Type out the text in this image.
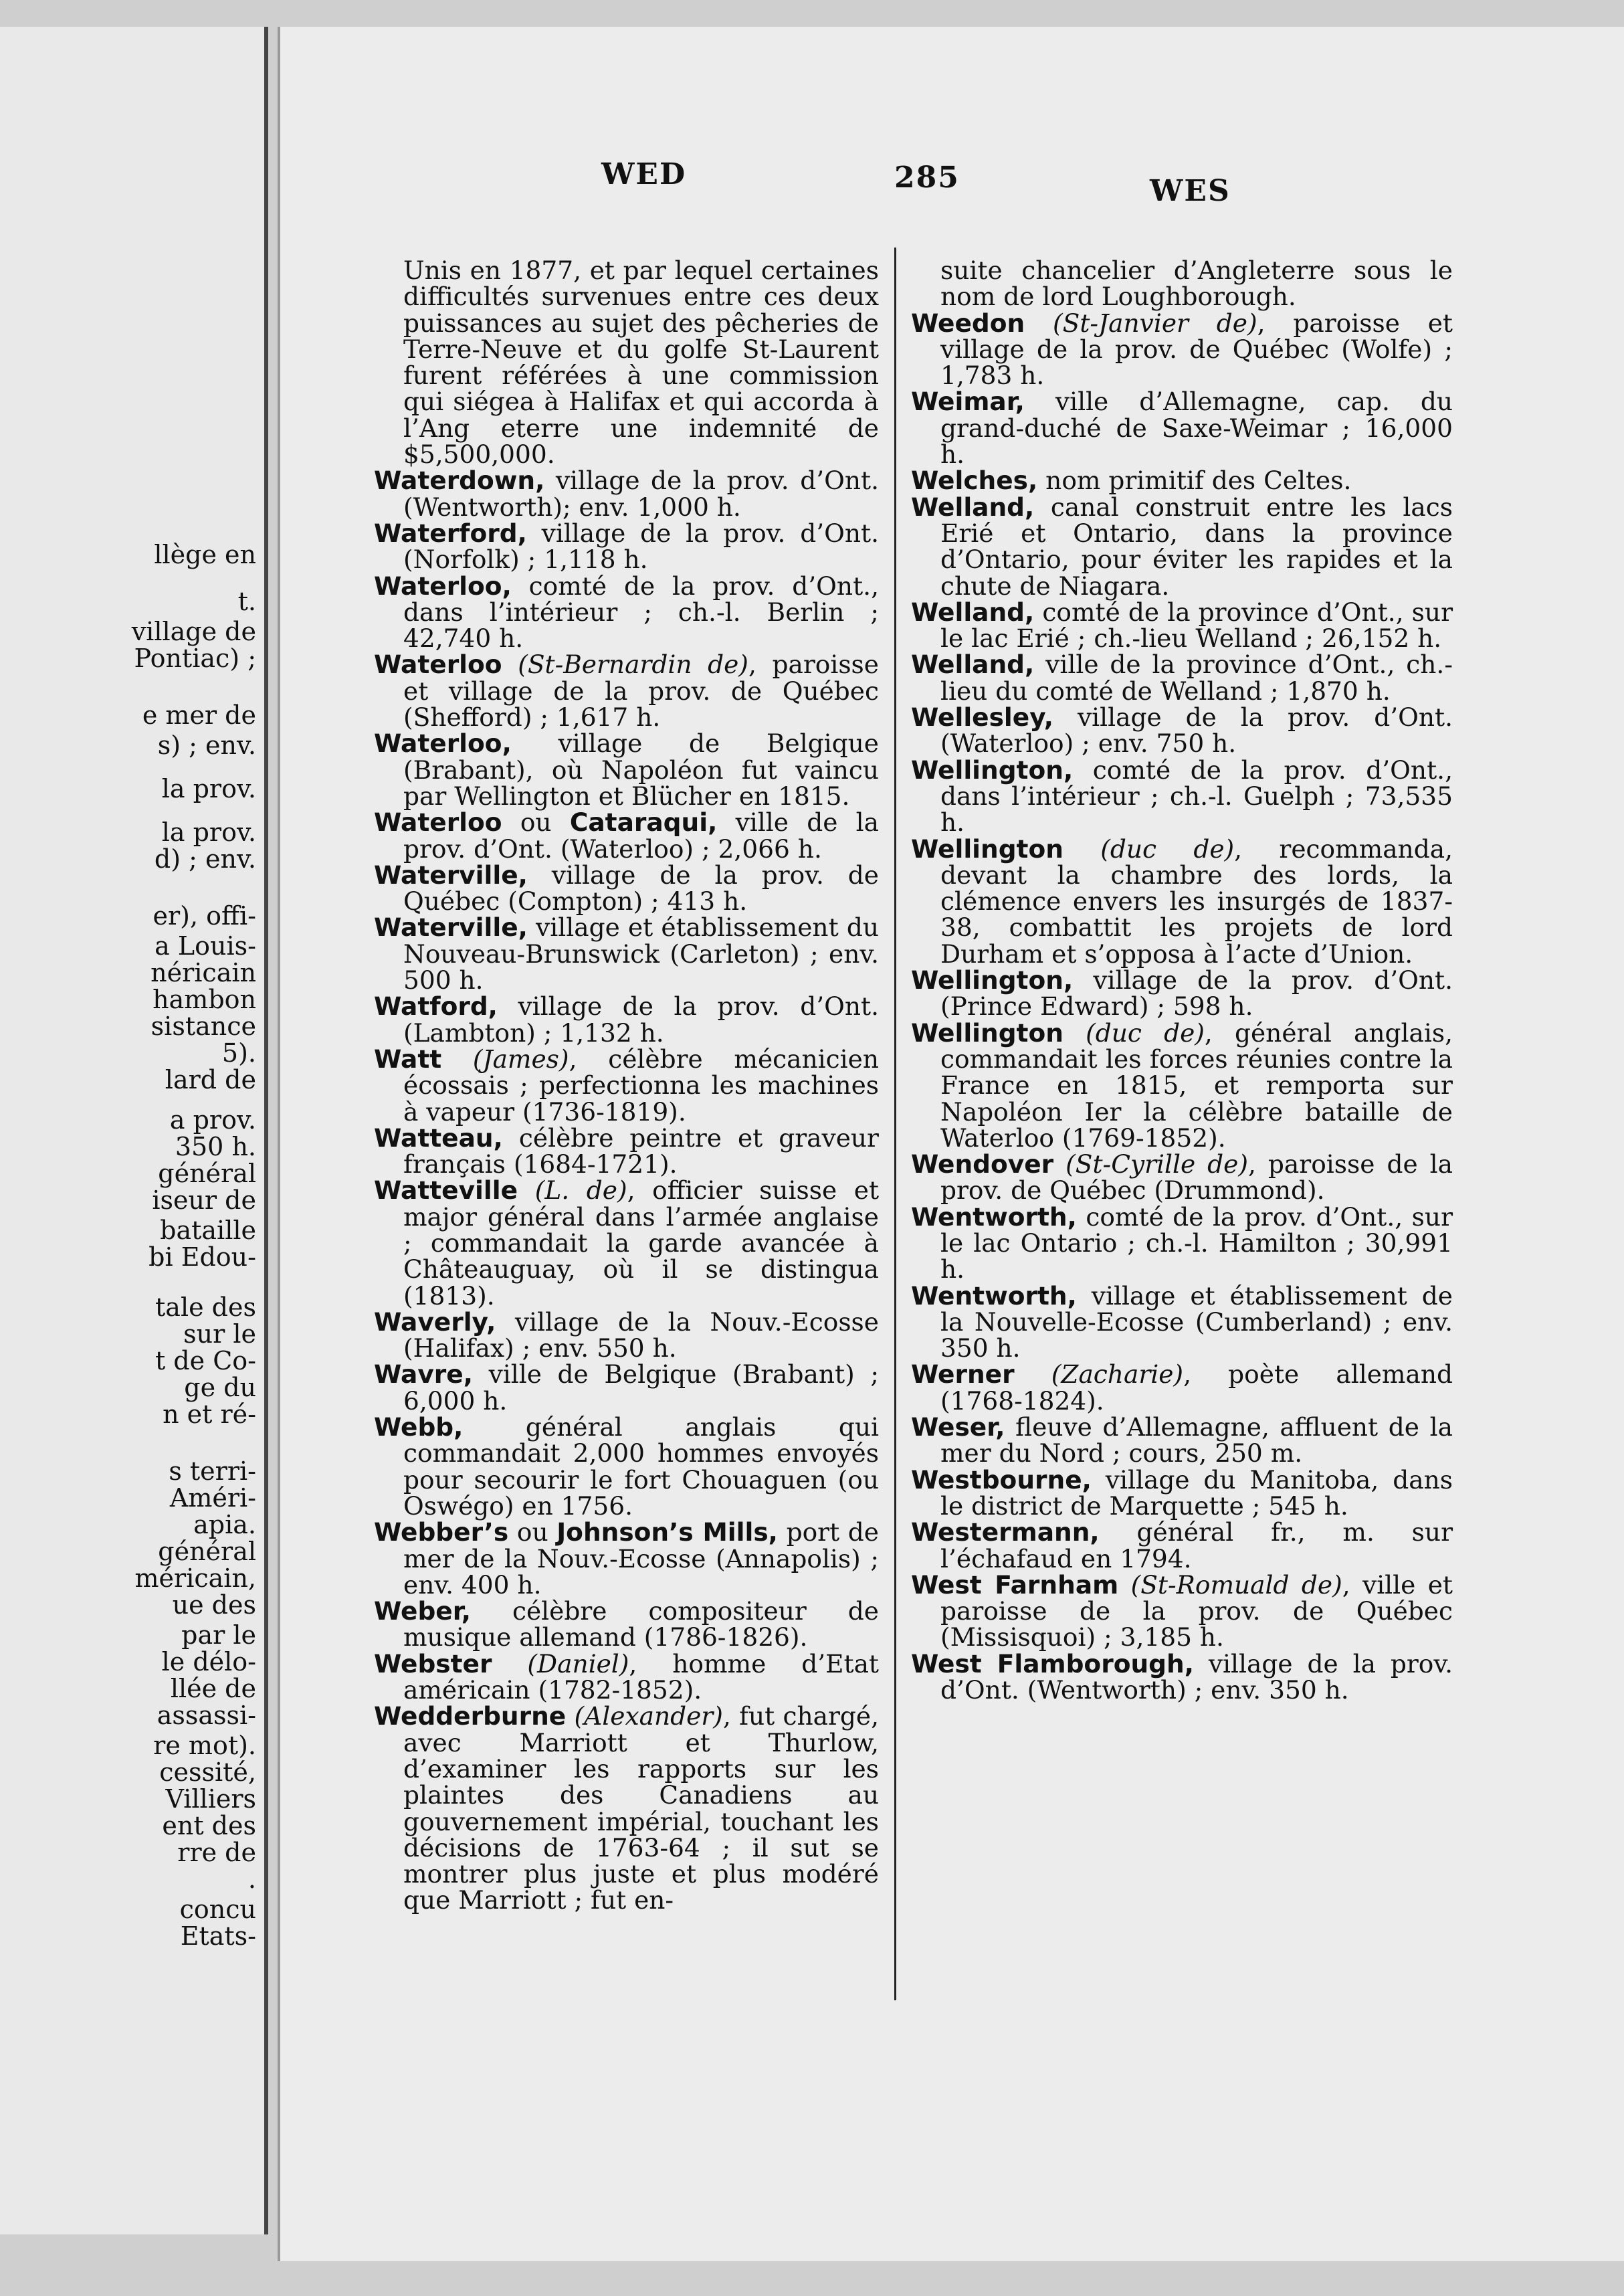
llège en
t.
village de
Pontiac) ;
e mer de
s) ; env.
la prov.
la prov.
d) ; env.
er), offi-
a Louis-
néricain
hambon
sistance
5).
lard de
a prov.
350 h.
général
iseur de
bataille
bi Edou-
tale des
sur le
t de Co-
ge du
n et ré-
s terri-
Améri-
apia.
général
méricain,
ue des
par le
le délo-
llée de
assassi-
re mot).
cessité,
Villiers
ent des
rre de
.
concu
Etats-
WED	285	WES

Unis en 1877, et par lequel certaines difficultés survenues entre ces deux puissances au sujet des pêcheries de Terre-Neuve et du golfe St-Laurent furent référées à une commission qui siégea à Halifax et qui accorda à l’Ang eterre une indemnité de $5,500,000.

Waterdown, village de la prov. d’Ont. (Wentworth); env. 1,000 h.

Waterford, village de la prov. d’Ont. (Norfolk) ; 1,118 h.

Waterloo, comté de la prov. d’Ont., dans l’intérieur ; ch.-l. Berlin ; 42,740 h.

Waterloo (St-Bernardin de), paroisse et village de la prov. de Québec (Shefford) ; 1,617 h.

Waterloo, village de Belgique (Brabant), où Napoléon fut vaincu par Wellington et Blücher en 1815.

Waterloo ou Cataraqui, ville de la prov. d’Ont. (Waterloo) ; 2,066 h.

Waterville, village de la prov. de Québec (Compton) ; 413 h.

Waterville, village et établissement du Nouveau-Brunswick (Carleton) ; env. 500 h.

Watford, village de la prov. d’Ont. (Lambton) ; 1,132 h.

Watt (James), célèbre mécanicien écossais ; perfectionna les machines à vapeur (1736-1819).

Watteau, célèbre peintre et graveur français (1684-1721).

Watteville (L. de), officier suisse et major général dans l’armée anglaise ; commandait la garde avancée à Châteauguay, où il se distingua (1813).

Waverly, village de la Nouv.-Ecosse (Halifax) ; env. 550 h.

Wavre, ville de Belgique (Brabant) ; 6,000 h.

Webb, général anglais qui commandait 2,000 hommes envoyés pour secourir le fort Chouaguen (ou Oswégo) en 1756.

Webber’s ou Johnson’s Mills, port de mer de la Nouv.-Ecosse (Annapolis) ; env. 400 h.

Weber, célèbre compositeur de musique allemand (1786-1826).

Webster (Daniel), homme d’Etat américain (1782-1852).

Wedderburne (Alexander), fut chargé, avec Marriott et Thurlow, d’examiner les rapports sur les plaintes des Canadiens au gouvernement impérial, touchant les décisions de 1763-64 ; il sut se montrer plus juste et plus modéré que Marriott ; fut en-

suite chancelier d’Angleterre sous le nom de lord Loughborough.

Weedon (St-Janvier de), paroisse et village de la prov. de Québec (Wolfe) ; 1,783 h.

Weimar, ville d’Allemagne, cap. du grand-duché de Saxe-Weimar ; 16,000 h.

Welches, nom primitif des Celtes.

Welland, canal construit entre les lacs Erié et Ontario, dans la province d’Ontario, pour éviter les rapides et la chute de Niagara.

Welland, comté de la province d’Ont., sur le lac Erié ; ch.-lieu Welland ; 26,152 h.

Welland, ville de la province d’Ont., ch.-lieu du comté de Welland ; 1,870 h.

Wellesley, village de la prov. d’Ont. (Waterloo) ; env. 750 h.

Wellington, comté de la prov. d’Ont., dans l’intérieur ; ch.-l. Guelph ; 73,535 h.

Wellington (duc de), recommanda, devant la chambre des lords, la clémence envers les insurgés de 1837-38, combattit les projets de lord Durham et s’opposa à l’acte d’Union.

Wellington, village de la prov. d’Ont. (Prince Edward) ; 598 h.

Wellington (duc de), général anglais, commandait les forces réunies contre la France en 1815, et remporta sur Napoléon Ier la célèbre bataille de Waterloo (1769-1852).

Wendover (St-Cyrille de), paroisse de la prov. de Québec (Drummond).

Wentworth, comté de la prov. d’Ont., sur le lac Ontario ; ch.-l. Hamilton ; 30,991 h.

Wentworth, village et établissement de la Nouvelle-Ecosse (Cumberland) ; env. 350 h.

Werner (Zacharie), poète allemand (1768-1824).

Weser, fleuve d’Allemagne, affluent de la mer du Nord ; cours, 250 m.

Westbourne, village du Manitoba, dans le district de Marquette ; 545 h.

Westermann, général fr., m. sur l’échafaud en 1794.

West Farnham (St-Romuald de), ville et paroisse de la prov. de Québec (Missisquoi) ; 3,185 h.

West Flamborough, village de la prov. d’Ont. (Wentworth) ; env. 350 h.
